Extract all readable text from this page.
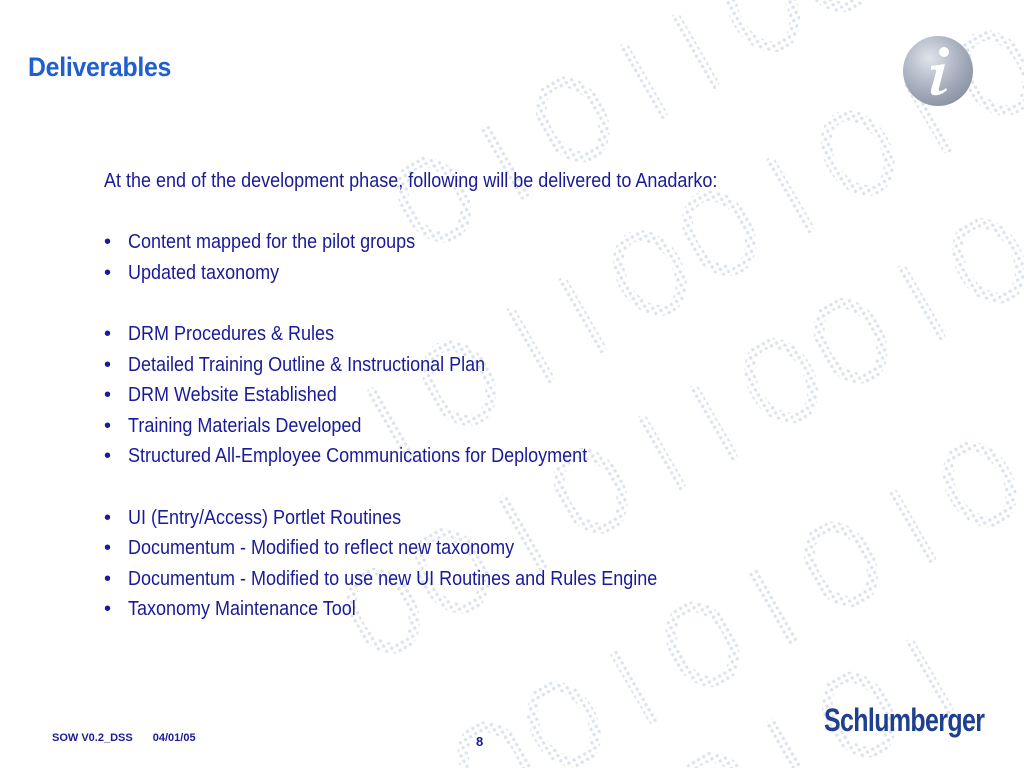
Deliverables

At the end of the development phase, following will be delivered to Anadarko:

• Content mapped for the pilot groups
• Updated taxonomy
• DRM Procedures & Rules
• Detailed Training Outline & Instructional Plan
• DRM Website Established
• Training Materials Developed
• Structured All-Employee Communications for Deployment
• UI (Entry/Access) Portlet Routines
• Documentum - Modified to reflect new taxonomy
• Documentum - Modified to use new UI Routines and Rules Engine
• Taxonomy Maintenance Tool
SOW V0.2_DSS 04/01/05	8
Schlumberger
